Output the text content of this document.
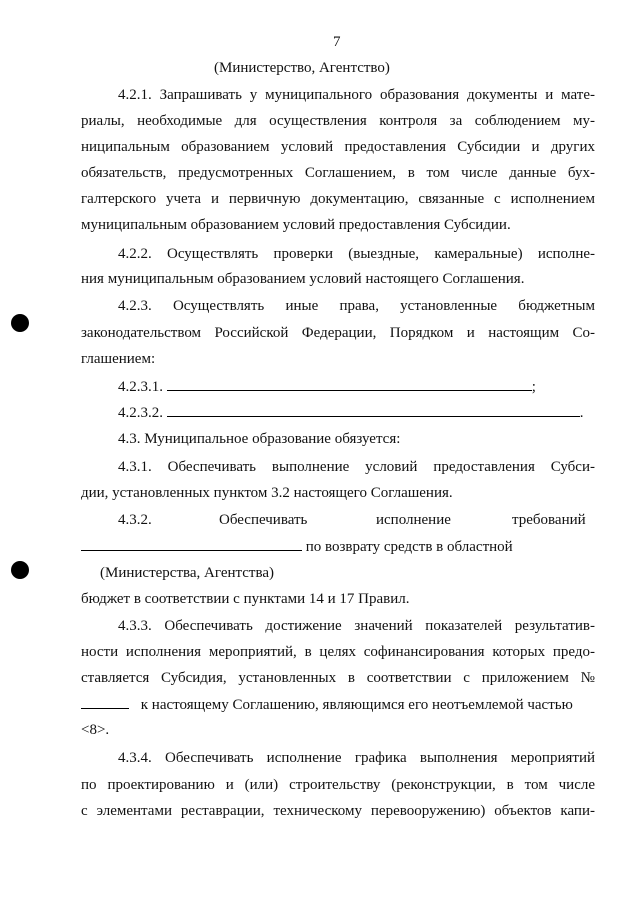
7
(Министерство, Агентство)
4.2.1. Запрашивать у муниципального образования документы и мате-
риалы, необходимые для осуществления контроля за соблюдением му-
ниципальным образованием условий предоставления Субсидии и других
обязательств, предусмотренных Соглашением, в том числе данные бух-
галтерского учета и первичную документацию, связанные с исполнением
муниципальным образованием условий предоставления Субсидии.
4.2.2. Осуществлять проверки (выездные, камеральные) исполне-
ния муниципальным образованием условий настоящего Соглашения.
4.2.3. Осуществлять иные права, установленные бюджетным
законодательством Российской Федерации, Порядком и настоящим Со-
глашением:
4.2.3.1.	;
4.2.3.2.	.
4.3. Муниципальное образование обязуется:
4.3.1. Обеспечивать выполнение условий предоставления Субси-
дии, установленных пунктом 3.2 настоящего Соглашения.
4.3.2.	Обеспечивать	исполнение	требований
по возврату средств в областной
(Министерства, Агентства)
бюджет в соответствии с пунктами 14 и 17 Правил.
4.3.3. Обеспечивать достижение значений показателей результатив-
ности исполнения мероприятий, в целях софинансирования которых предо-
ставляется Субсидия, установленных в соответствии с приложением №
к настоящему Соглашению, являющимся его неотъемлемой частью
<8>.
4.3.4. Обеспечивать исполнение графика выполнения мероприятий
по проектированию и (или) строительству (реконструкции, в том числе
с элементами реставрации, техническому перевооружению) объектов капи-
